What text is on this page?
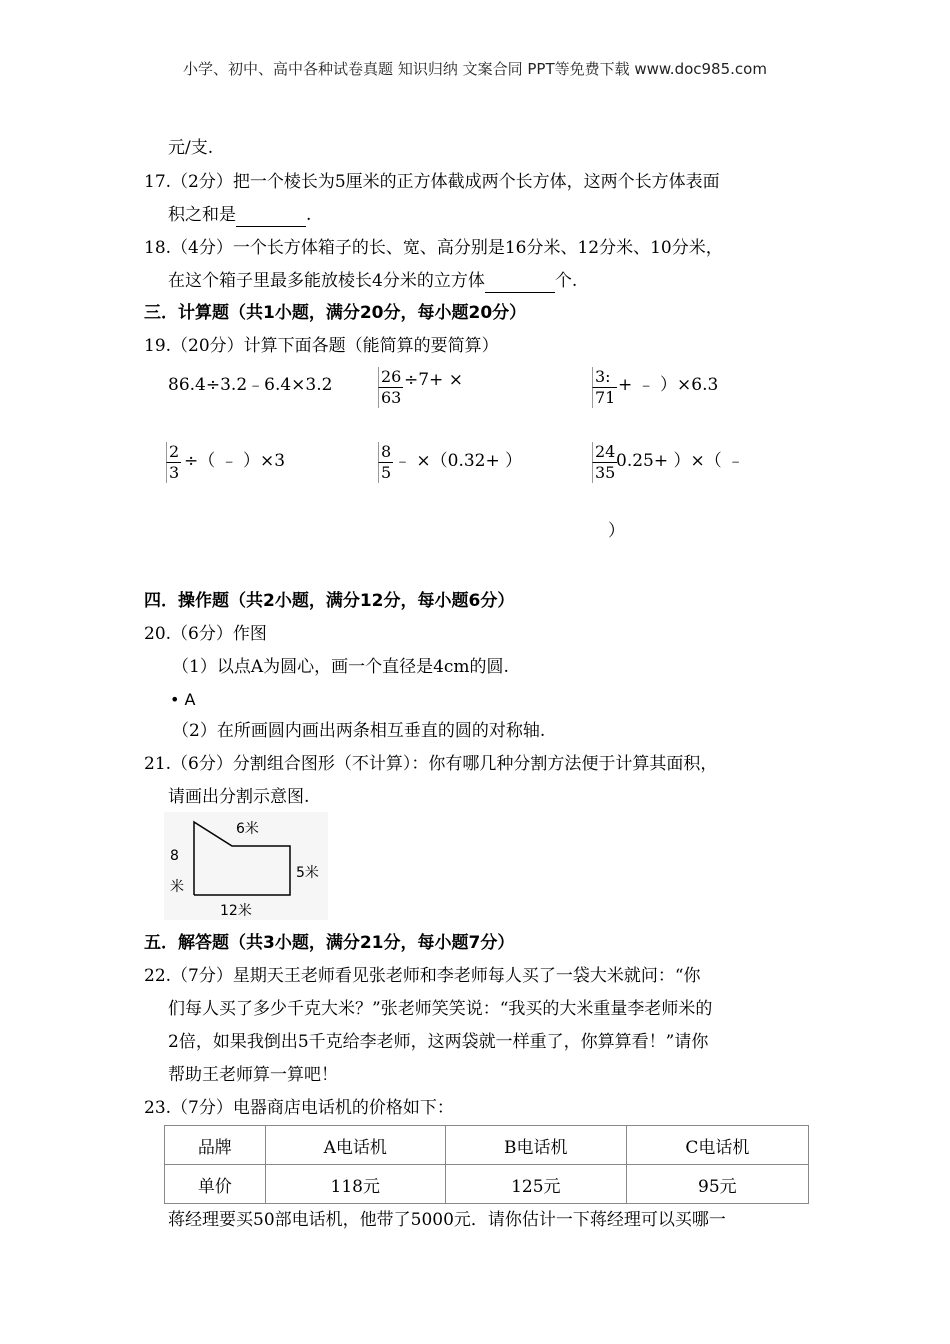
小学、初中、高中各种试卷真题 知识归纳 文案合同 PPT等免费下载 www.doc985.com
元/支.
17.（2分）把一个棱长为5厘米的正方体截成两个长方体，这两个长方体表面
积之和是	.
18.（4分）一个长方体箱子的长、宽、高分别是16分米、12分米、10分米，
在这个箱子里最多能放棱长4分米的立方体	个.
三．计算题（共1小题，满分20分，每小题20分）
19.（20分）计算下面各题（能简算的要简算）
86.4÷3.2﹣6.4×3.2	$\frac{26}{63} \div 7+$ ×	$\frac{3:}{71}$ + ﹣ ）×6.3
$\frac{2}{3}$ ÷（ ﹣ ）×3	$\frac{8}{5}$ ﹣ ×（0.32+ ）	$\frac{24}{35}$
0.25+ ）×（ ﹣
）
四．操作题（共2小题，满分12分，每小题6分）
20.（6分）作图
（1）以点A为圆心，画一个直径是4cm的圆.
• A
（2）在所画圆内画出两条相互垂直的圆的对称轴.
21.（6分）分割组合图形（不计算）：你有哪几种分割方法便于计算其面积，
请画出分割示意图.
6米
8
米
5米
12米
五．解答题（共3小题，满分21分，每小题7分）
22.（7分）星期天王老师看见张老师和李老师每人买了一袋大米就问：“你
们每人买了多少千克大米？”张老师笑笑说：“我买的大米重量李老师米的
2倍，如果我倒出5千克给李老师，这两袋就一样重了，你算算看！”请你
帮助王老师算一算吧！
23.（7分）电器商店电话机的价格如下：
品牌	A电话机	B电话机	C电话机
单价	118元	125元	95元
蒋经理要买50部电话机，他带了5000元．请你估计一下蒋经理可以买哪一
